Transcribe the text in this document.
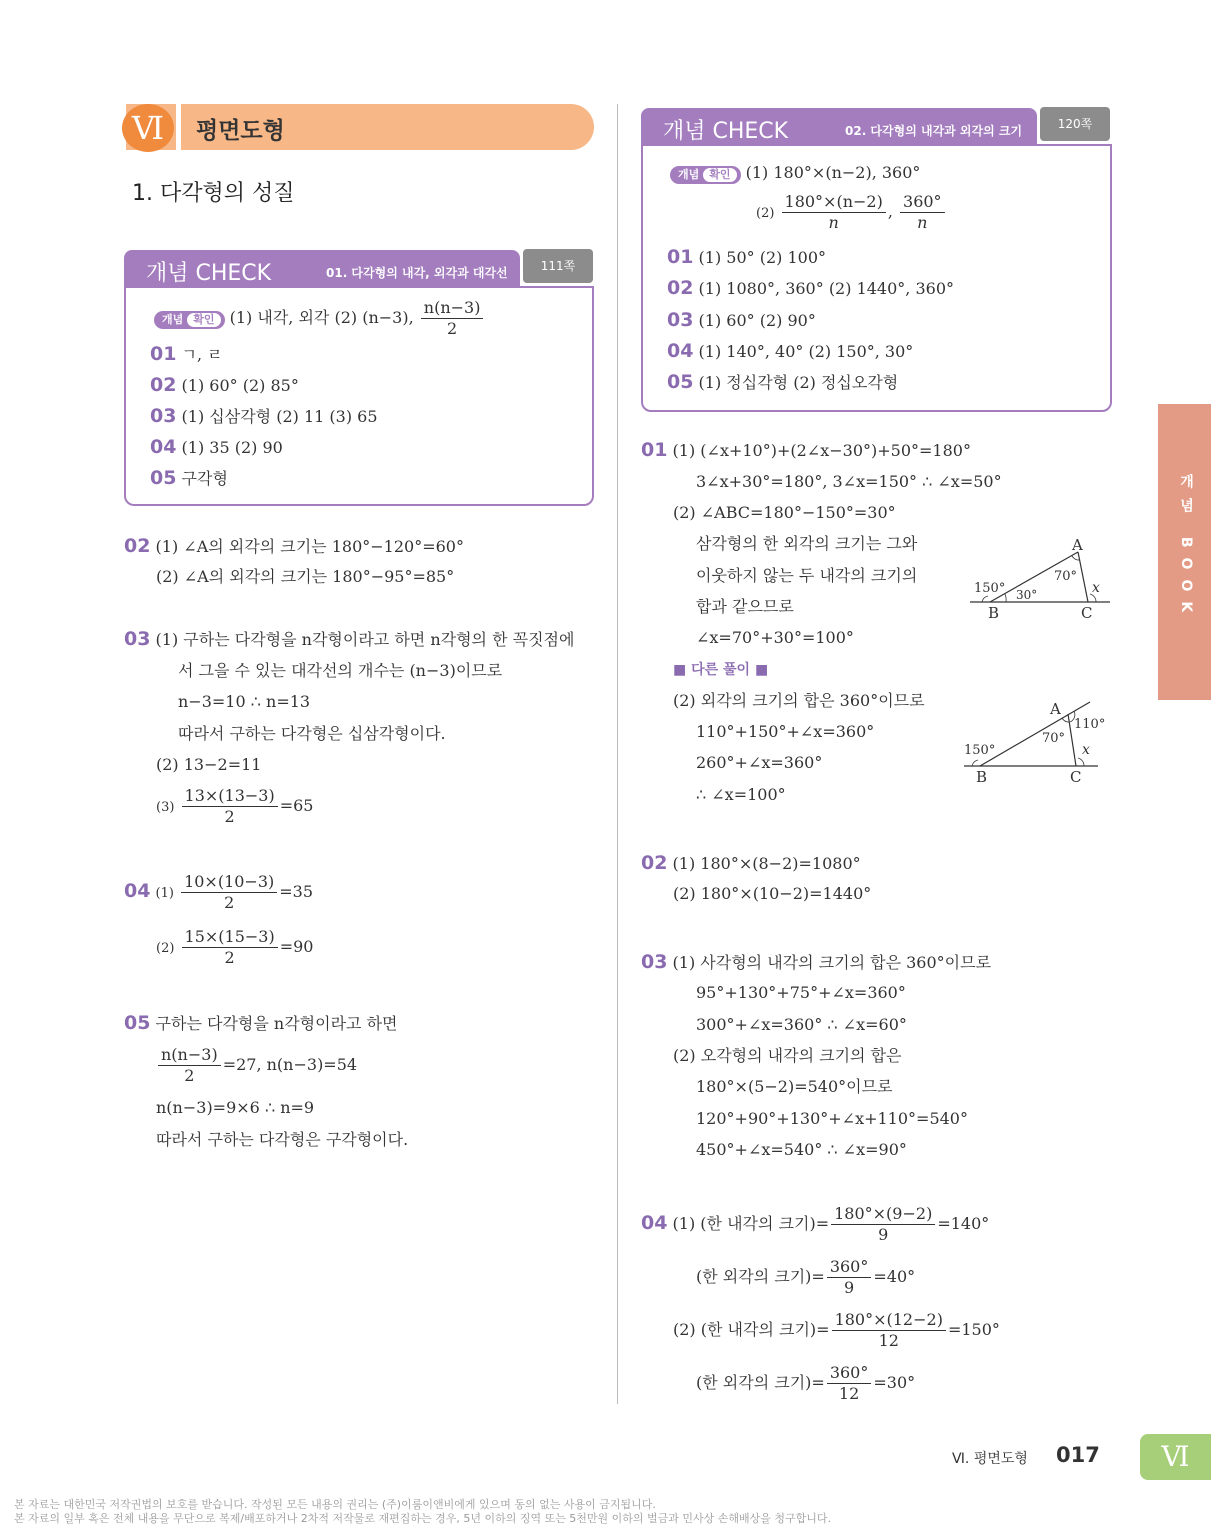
Ⅵ	평면도형
1. 다각형의 성질
개념 CHECK	01. 다각형의 내각, 외각과 대각선	111쪽
개념 확인 (1) 내각, 외각 (2) (n−3), $\frac{n(n-3)}{2}$
01 ㄱ, ㄹ
02 (1) 60° (2) 85°
03 (1) 십삼각형 (2) 11 (3) 65
04 (1) 35 (2) 90
05 구각형
02 (1) ∠A의 외각의 크기는 180°−120°=60°
(2) ∠A의 외각의 크기는 180°−95°=85°
03 (1) 구하는 다각형을 n각형이라고 하면 n각형의 한 꼭짓점에
서 그을 수 있는 대각선의 개수는 (n−3)이므로
n−3=10 ∴ n=13
따라서 구하는 다각형은 십삼각형이다.
(2) 13−2=11
$(3) \frac{13\times(13-3)}{2} =65$
04 $(1) \frac{10\times(10-3)}{2} =35$
$(2) \frac{15\times(15-3)}{2} =90$
05 구하는 다각형을 n각형이라고 하면
$\frac{n(n-3)}{2} =27$, n(n−3)=54
n(n−3)=9×6 ∴ n=9
따라서 구하는 다각형은 구각형이다.
개념 CHECK	02. 다각형의 내각과 외각의 크기	120쪽
개념 확인 (1) 180°×(n−2), 360°
$(2) \frac{180^\circ\times(n-2)}{n}$ , $\frac{360^\circ}{n}$
01 (1) 50° (2) 100°
02 (1) 1080°, 360° (2) 1440°, 360°
03 (1) 60° (2) 90°
04 (1) 140°, 40° (2) 150°, 30°
05 (1) 정십각형 (2) 정십오각형
01 (1) (∠x+10°)+(2∠x−30°)+50°=180°
3∠x+30°=180°, 3∠x=150° ∴ ∠x=50°
(2) ∠ABC=180°−150°=30°
삼각형의 한 외각의 크기는 그와
이웃하지 않는 두 내각의 크기의
합과 같으므로
∠x=70°+30°=100°
■ 다른 풀이 ■
(2) 외각의 크기의 합은 360°이므로
110°+150°+∠x=360°
260°+∠x=360°
∴ ∠x=100°
A
B	C
150°
70°
30°	x
A
B	C
150°
70°
110°
x
02 (1) 180°×(8−2)=1080°
(2) 180°×(10−2)=1440°
03 (1) 사각형의 내각의 크기의 합은 360°이므로
95°+130°+75°+∠x=360°
300°+∠x=360° ∴ ∠x=60°
(2) 오각형의 내각의 크기의 합은
180°×(5−2)=540°이므로
120°+90°+130°+∠x+110°=540°
450°+∠x=540° ∴ ∠x=90°
04 (1) (한 내각의 크기)= $\frac{180^\circ\times(9-2)}{9} =140^\circ$
(한 외각의 크기)= $\frac{360^\circ}{9} =40^\circ$
(2) (한 내각의 크기)= $\frac{180^\circ\times(12-2)}{12} =150^\circ$
(한 외각의 크기)= $\frac{360^\circ}{12} =30^\circ$
개념 BOOK
Ⅵ. 평면도형 017	Ⅵ
본 자료는 대한민국 저작권법의 보호를 받습니다. 작성된 모든 내용의 권리는 (주)이룸이앤비에게 있으며 동의 없는 사용이 금지됩니다.
본 자료의 일부 혹은 전체 내용을 무단으로 복제/배포하거나 2차적 저작물로 재편집하는 경우, 5년 이하의 징역 또는 5천만원 이하의 벌금과 민사상 손해배상을 청구합니다.
